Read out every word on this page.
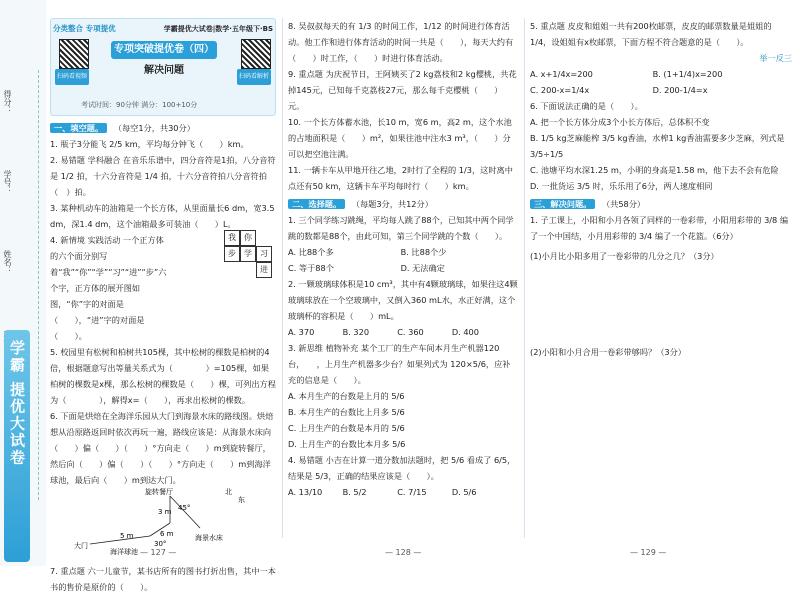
得分：
学号：
姓名：
学霸 提优大试卷
分类整合 专项提优	学霸提优大试卷|数学·五年级下·BS
扫码看视频	扫码看解析
专项突破提优卷（四）
解决问题
考试时间：90分钟 满分：100+10分
一、填空题。 （每空1分，共30分）

1. 瓶子3分能飞 2/5 km，平均每分钟飞（　　）km。

2. 易错题 学科融合 在音乐乐谱中，四分音符是1拍，八分音符是 1/2 拍，十六分音符是 1/4 拍，十六分音符拍八分音符拍（　）拍。

3. 某种机动车的油箱是一个长方体，从里面量长6 dm，宽3.5 dm，深1.4 dm，这个油箱最多可装油（　　）L。

4. 新情境 实践活动 一个正方体的六个面分别写着“我”“你”“学”“习”“进”“步”六个字，正方体的展开图如图，“你”字的对面是（　　），“进”字的对面是（　　）。

5. 校园里有松树和柏树共105棵，其中松树的棵数是柏树的4倍，根据题意写出等量关系式为（　　　　）=105棵，如果柏树的棵数是x棵，那么松树的棵数是（　　）棵，可列出方程为（　　　　），解得x=（　　），再求出松树的棵数。

6. 下面是烘焙在全海洋乐园从大门到海景水床的路线图。烘焙想从沿原路返回时依次再玩一遍，路线应该是：从海景水床向（　　）偏（　　）（　　）°方向走（　　）m到旋转餐厅，然后向（　　）偏（　　）（　　）°方向走（　　）m到海洋球池，最后向（　　）m到达大门。

旋转餐厅	北
东
3 m 45°
海洋球池
6 m
30°
5 m
大门
海景水床

7. 重点题 六一儿童节，某书店所有的图书打折出售，其中一本书的售价是原价的（　　）。

我	你
学	习
进
步

8. 吴叔叔每天的有 1/3 的时间工作，1/12 的时间进行体育活动。他工作和进行体育活动的时间一共是（　　），每天大约有（　　）时工作，（　　）时进行体育活动。

9. 重点题 为庆祝节日，王阿姨买了2 kg荔枝和2 kg樱桃，共花掉145元，已知每千克荔枝27元，那么每千克樱桃（　　）元。

10. 一个长方体蓄水池，长10 m，宽6 m，高2 m，这个水池的占地面积是（　　）m²，如果往池中注水3 m³，（　　）分可以把空池注满。

11. 一辆卡车从甲地开往乙地，2时行了全程的 1/3，这时离中点还有50 km，这辆卡车平均每时行（　　）km。

二、选择题。 （每题3分，共12分）

1. 三个同学练习跳绳，平均每人跳了88个，已知其中两个同学跳的数都是88个，由此可知，第三个同学跳的个数（　　）。

A. 比88个多	B. 比88个少 C. 等于88个	D. 无法确定

2. 一颗玻璃球体积是10 cm³，其中有4颗玻璃球，如果往这4颗玻璃球放在一个空玻璃中，又倒入360 mL水，水正好满，这个玻璃杯的容积是（　　）mL。

A. 370	B. 320	C. 360	D. 400

3. 新思维 植物补充 某个工厂的生产车间本月生产机器120台，　　，上月生产机器多少台？如果列式为 120×5/6，应补充的信息是（　　）。

A. 本月生产的台数是上月的 5/6
B. 本月生产的台数比上月多 5/6
C. 上月生产的台数是本月的 5/6
D. 上月生产的台数比本月多 5/6

4. 易错题 小吉在计算一道分数加法题时，把 5/6 看成了 6/5，结果是 5/3，正确的结果应该是（　　）。

A. 13/10 B. 5/2	C. 7/15	D. 5/6

5. 重点题 皮皮和姐姐一共有200枚邮票，皮皮的邮票数量是姐姐的 1/4，设姐姐有x枚邮票，下面方程不符合题意的是（　　）。

举一反三
A. x+1/4x=200	B. (1+1/4)x=200 C. 200-x=1/4x	D. 200-1/4=x

6. 下面说法正确的是（　　）。

A. 把一个长方体分成3个小长方体后，总体积不变
B. 1/5 kg芝麻能榨 3/5 kg香油，水榨1 kg香油需要多少芝麻，列式是 3/5÷1/5
C. 池塘平均水深1.25 m，小明的身高是1.58 m，他下去不会有危险
D. 一批货运 3/5 时，乐乐用了6分，两人速度相同
三、解决问题。 （共58分）

1. 子工课上，小阳和小月各领了同样的一卷彩带，小阳用彩带的 3/8 编了一个中国结，小月用彩带的 3/4 编了一个花篮。（6分）

(1)小月比小阳多用了一卷彩带的几分之几？（3分）

(2)小阳和小月合用一卷彩带够吗？（3分）

— 127 —	— 128 —	— 129 —
